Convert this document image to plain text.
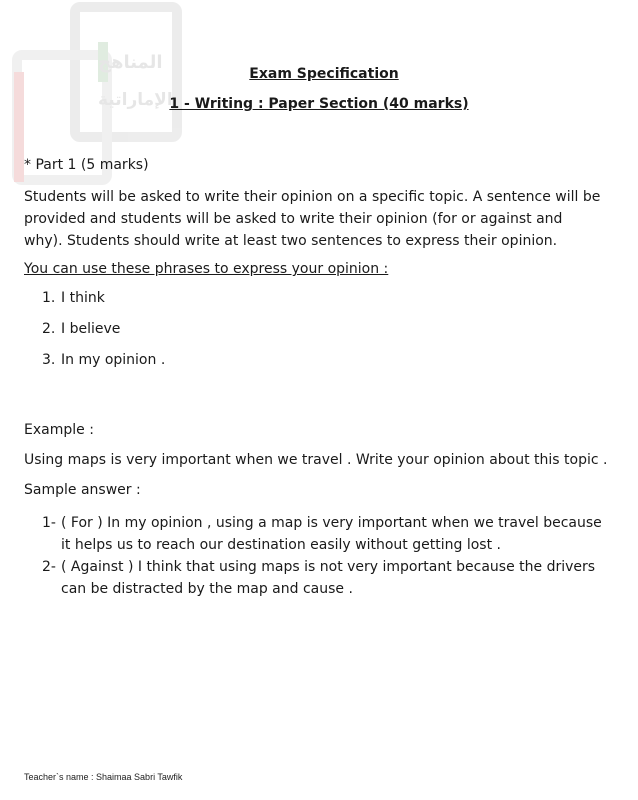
المناهج
الإماراتية

Exam Specification

1 - Writing : Paper Section (40 marks)

* Part 1 (5 marks)

Students will be asked to write their opinion on a specific topic. A sentence will be provided and students will be asked to write their opinion (for or against and why). Students should write at least two sentences to express their opinion.

You can use these phrases to express your opinion :

1. I think
2. I believe
3. In my opinion .

Example :

Using maps is very important when we travel . Write your opinion about this topic .

Sample answer :

1- ( For ) In my opinion , using a map is very important when we travel because it helps us to reach our destination easily without getting lost .
2- ( Against ) I think that using maps is not very important because the drivers can be distracted by the map and cause .

Teacher`s name : Shaimaa Sabri Tawfik
